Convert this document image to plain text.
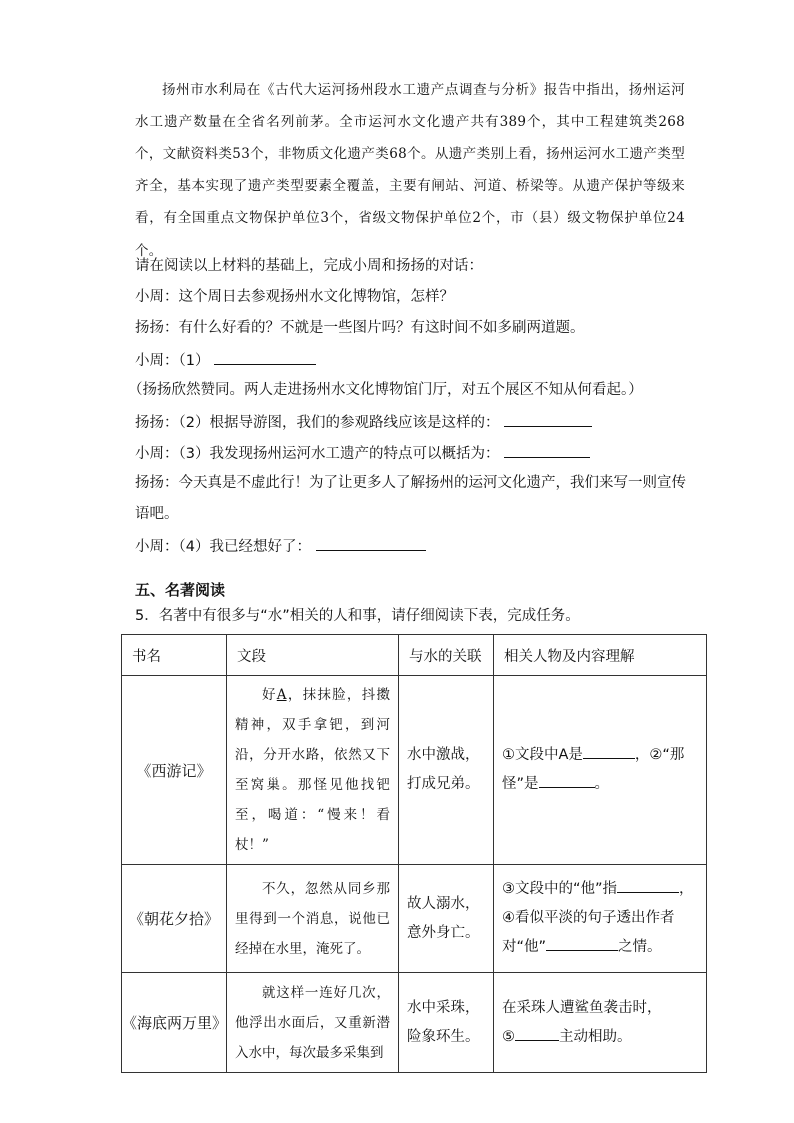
扬州市水利局在《古代大运河扬州段水工遗产点调查与分析》报告中指出，扬州运河水工遗产数量在全省名列前茅。全市运河水文化遗产共有389个，其中工程建筑类268个，文献资料类53个，非物质文化遗产类68个。从遗产类别上看，扬州运河水工遗产类型齐全，基本实现了遗产类型要素全覆盖，主要有闸站、河道、桥梁等。从遗产保护等级来看，有全国重点文物保护单位3个，省级文物保护单位2个，市（县）级文物保护单位24个。

请在阅读以上材料的基础上，完成小周和扬扬的对话：
小周：这个周日去参观扬州水文化博物馆，怎样？
扬扬：有什么好看的？不就是一些图片吗？有这时间不如多刷两道题。
小周：（1）
（扬扬欣然赞同。两人走进扬州水文化博物馆门厅，对五个展区不知从何看起。）
扬扬：（2）根据导游图，我们的参观路线应该是这样的：
小周：（3）我发现扬州运河水工遗产的特点可以概括为：
扬扬：今天真是不虚此行！为了让更多人了解扬州的运河文化遗产，我们来写一则宣传
语吧。
小周：（4）我已经想好了：
五、名著阅读
5．名著中有很多与“水”相关的人和事，请仔细阅读下表，完成任务。
书名	文段	与水的关联	相关人物及内容理解
《西游记》	好A，抹抹脸，抖擞精神，双手拿钯，到河沿，分开水路，依然又下至窝巢。那怪见他找钯至，喝道：“慢来！看杖！”	水中激战，打成兄弟。	①文段中A是 ，②“那怪”是 。
《朝花夕拾》	不久，忽然从同乡那里得到一个消息，说他已经掉在水里，淹死了。	故人溺水，意外身亡。	③文段中的“他”指 ，④看似平淡的句子透出作者对“他” 之情。
《海底两万里》	就这样一连好几次，他浮出水面后，又重新潜入水中，每次最多采集到	水中采珠，险象环生。	在采珠人遭鲨鱼袭击时，
⑤ 主动相助。
